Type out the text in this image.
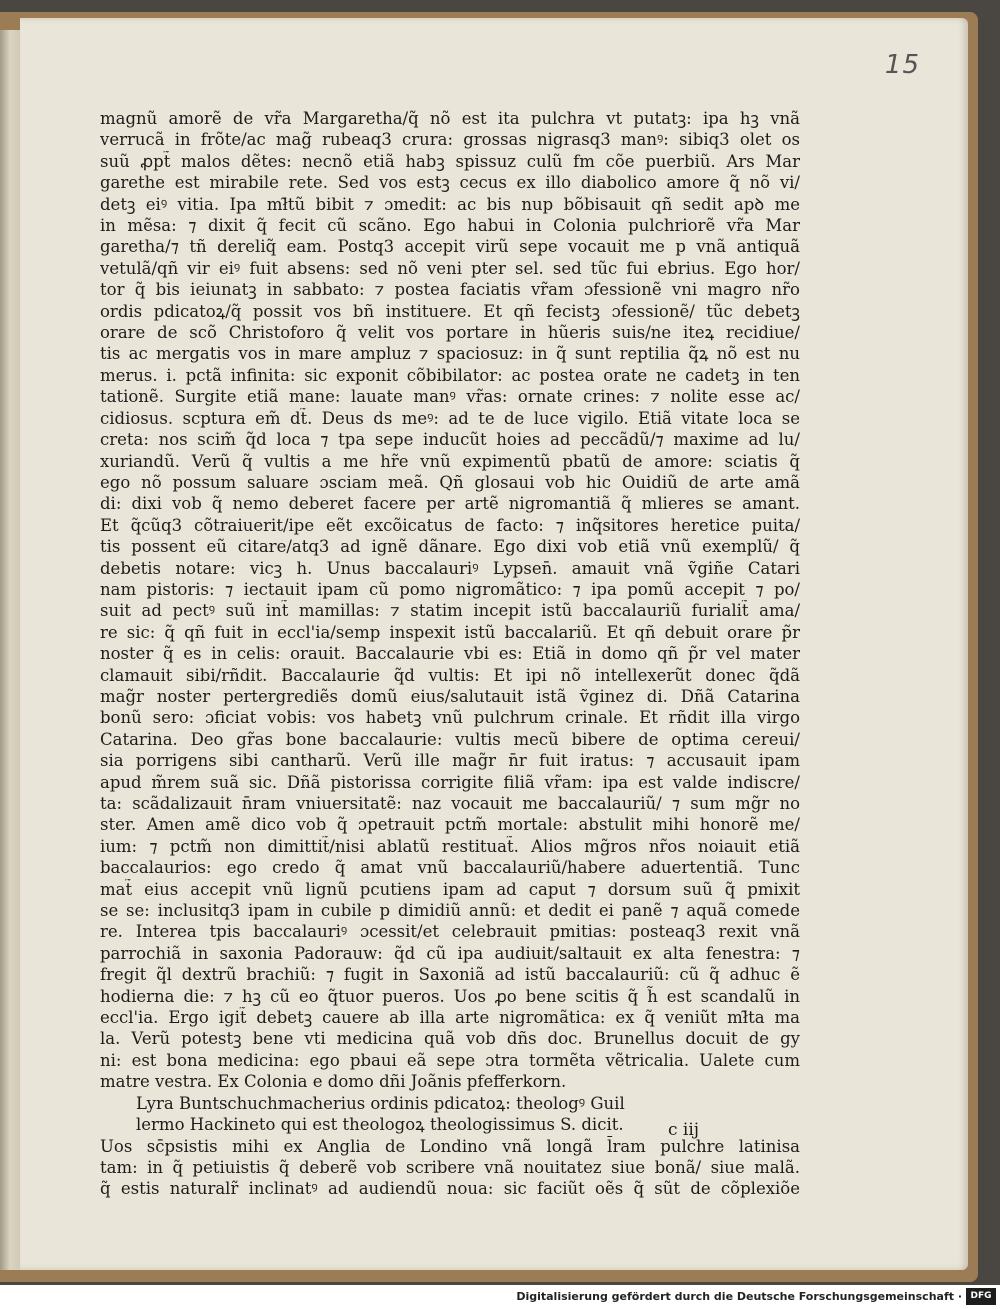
15
magnũ amorẽ de vr̃a Margaretha/q̃ nõ est ita pulchra vt putatꝫ: ipa hꝫ vnã
verrucã in frõte/ac mag̃ rubeaq3 crura: grossas nigrasq3 manꝰ: sibiq3 olet os
suũ ꝓpt̃ malos dẽtes: necnõ etiã habꝫ spissuz culũ fm cõe puerbiũ. Ars Mar
garethe est mirabile rete. Sed vos estꝫ cecus ex illo diabolico amore q̃ nõ vi/
detꝫ eiꝰ vitia. Ipa mł̃tũ bibit ⁊ ɔmedit: ac bis nup bõbisauit qñ sedit apꝺ me
in mẽsa: ⁊ dixit q̃ fecit cũ scãno. Ego habui in Colonia pulchriorẽ vr̃a Mar
garetha/⁊ tñ dereliq̃ eam. Postq3 accepit virũ sepe vocauit me p vnã antiquã
vetulã/qñ vir eiꝰ fuit absens: sed nõ veni pter sel. sed tũc fui ebrius. Ego hor/
tor q̃ bis ieiunatꝫ in sabbato: ⁊ postea faciatis vr̃am ɔfessionẽ vni magro nr̃o
ordis pdicatoꝝ/q̃ possit vos bñ instituere. Et qñ fecistꝫ ɔfessionẽ/ tũc debetꝫ
orare de scõ Christoforo q̃ velit vos portare in hũeris suis/ne iteꝝ recidiue/
tis ac mergatis vos in mare ampluz ⁊ spaciosuz: in q̃ sunt reptilia q̃ꝝ nõ est nu
merus. i. pctã infinita: sic exponit cõbibilator: ac postea orate ne cadetꝫ in ten
tationẽ. Surgite etiã mane: lauate manꝰ vr̃as: ornate crines: ⁊ nolite esse ac/
cidiosus. scptura em̃ dt̃. Deus ds meꝰ: ad te de luce vigilo. Etiã vitate loca se
creta: nos scim̃ q̃d loca ⁊ tpa sepe inducũt hoies ad peccãdũ/⁊ maxime ad lu/
xuriandũ. Verũ q̃ vultis a me hr̃e vnũ expimentũ pbatũ de amore: sciatis q̃
ego nõ possum saluare ɔsciam meã. Qñ glosaui vob hic Ouidiũ de arte amã
di: dixi vob q̃ nemo deberet facere per artẽ nigromantiã q̃ mlieres se amant.
Et q̃cũq3 cõtraiuerit/ipe eẽt excõicatus de facto: ⁊ inq̃sitores heretice puita/
tis possent eũ citare/atq3 ad ignẽ dãnare. Ego dixi vob etiã vnũ exemplũ/ q̃
debetis notare: vicꝫ h. Unus baccalauriꝰ Lypsen̄. amauit vnã ṽgiñe Catari
nam pistoris: ⁊ iectauit ipam cũ pomo nigromãtico: ⁊ ipa pomũ accepit ⁊ po/
suit ad pectꝰ suũ int̃ mamillas: ⁊ statim incepit istũ baccalauriũ furialit̃ ama/
re sic: q̃ qñ fuit in eccl'ia/semp inspexit istũ baccalariũ. Et qñ debuit orare p̃r
noster q̃ es in celis: orauit. Baccalaurie vbi es: Etiã in domo qñ p̃r vel mater
clamauit sibi/rñdit. Baccalaurie q̃d vultis: Et ipi nõ intellexerũt donec q̃dã
mag̃r noster pertergrediẽs domũ eius/salutauit istã ṽginez di. Dñã Catarina
bonũ sero: ɔficiat vobis: vos habetꝫ vnũ pulchrum crinale. Et rñdit illa virgo
Catarina. Deo gr̃as bone baccalaurie: vultis mecũ bibere de optima cereui/
sia porrigens sibi cantharũ. Verũ ille mag̃r n̄r fuit iratus: ⁊ accusauit ipam
apud m̃rem suã sic. Dñã pistorissa corrigite filiã vr̃am: ipa est valde indiscre/
ta: scãdalizauit n̄ram vniuersitatẽ: naz vocauit me baccalauriũ/ ⁊ sum mg̃r no
ster. Amen amẽ dico vob q̃ ɔpetrauit pctm̃ mortale: abstulit mihi honorẽ me/
ium: ⁊ pctm̃ non dimittit̃/nisi ablatũ restituat̃. Alios mg̃ros nr̃os noiauit etiã
baccalaurios: ego credo q̃ amat vnũ baccalauriũ/habere aduertentiã. Tunc
mat̃ eius accepit vnũ lignũ pcutiens ipam ad caput ⁊ dorsum suũ q̃ pmixit
se se: inclusitq3 ipam in cubile p dimidiũ annũ: et dedit ei panẽ ⁊ aquã comede
re. Interea tpis baccalauriꝰ ɔcessit/et celebrauit pmitias: posteaq3 rexit vnã
parrochiã in saxonia Padorauw: q̃d cũ ipa audiuit/saltauit ex alta fenestra: ⁊
fregit q̃l dextrũ brachiũ: ⁊ fugit in Saxoniã ad istũ baccalauriũ: cũ q̃ adhuc ẽ
hodierna die: ⁊ hꝫ cũ eo q̃tuor pueros. Uos ꝓo bene scitis q̃ h̃ est scandalũ in
eccl'ia. Ergo igit̃ debetꝫ cauere ab illa arte nigromãtica: ex q̃ veniũt mł̃ta ma
la. Verũ potestꝫ bene vti medicina quã vob dñs doc. Brunellus docuit de gy
ni: est bona medicina: ego pbaui eã sepe ɔtra tormẽta vẽtricalia. Ualete cum
matre vestra. Ex Colonia e domo dñi Joãnis pfefferkorn.
Lyra Buntschuchmacherius ordinis pdicatoꝝ: theologꝰ Guil
lermo Hackineto qui est theologoꝝ theologissimus S. dicit.
Uos sc̄psistis mihi ex Anglia de Londino vnã longã l̄ram pulchre latinisa
tam: in q̃ petiuistis q̃ deberẽ vob scribere vnã nouitatez siue bonã/ siue malã.
q̃ estis naturalr̃ inclinatꝰ ad audiendũ noua: sic faciũt oẽs q̃ sũt de cõplexiõe
c iij
Digitalisierung gefördert durch die Deutsche Forschungsgemeinschaft · DFG
